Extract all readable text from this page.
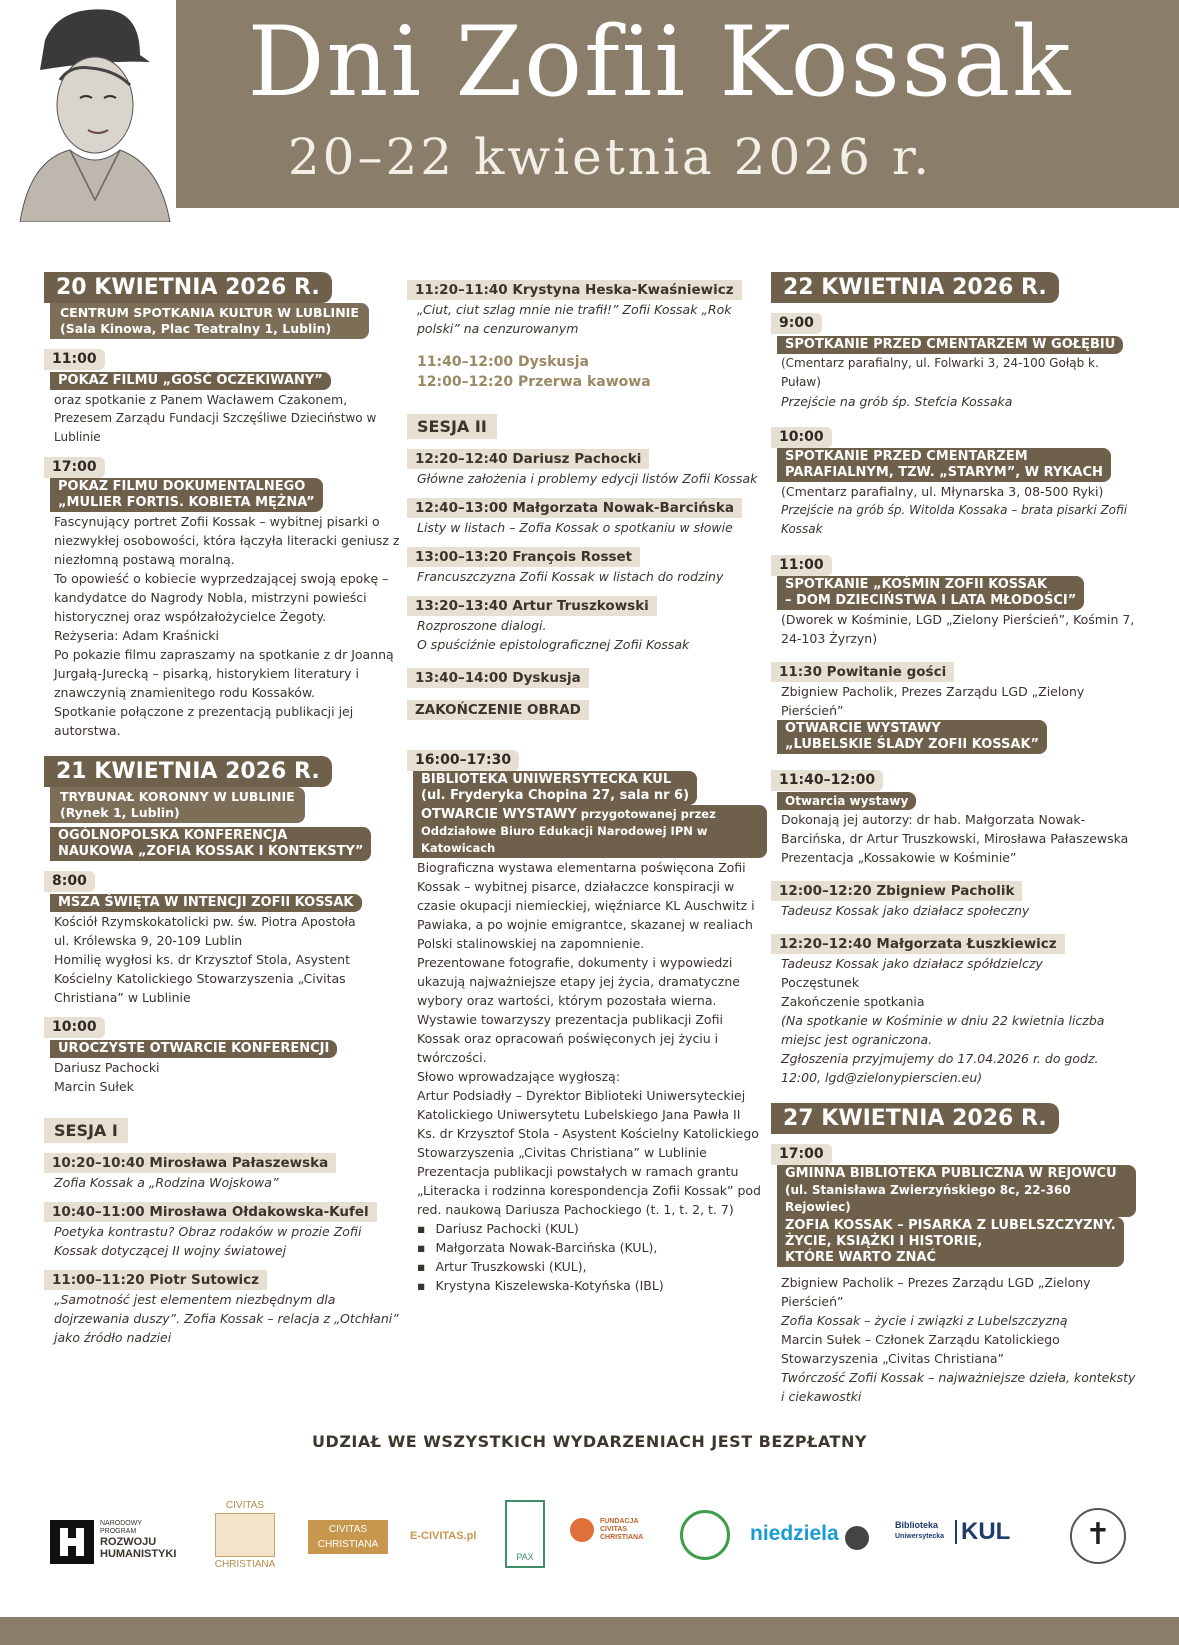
Dni Zofii Kossak
20–22 kwietnia 2026 r.
20 KWIETNIA 2026 R.
CENTRUM SPOTKANIA KULTUR W LUBLINIE
(Sala Kinowa, Plac Teatralny 1, Lublin)
11:00
POKAZ FILMU „GOŚĆ OCZEKIWANY”
oraz spotkanie z Panem Wacławem Czakonem,
Prezesem Zarządu Fundacji Szczęśliwe Dzieciństwo w Lublinie
17:00
POKAZ FILMU DOKUMENTALNEGO
„MULIER FORTIS. KOBIETA MĘŻNA”
Fascynujący portret Zofii Kossak – wybitnej pisarki o niezwykłej osobowości, która łączyła literacki geniusz z niezłomną postawą moralną.
To opowieść o kobiecie wyprzedzającej swoją epokę – kandydatce do Nagrody Nobla, mistrzyni powieści historycznej oraz współzałożycielce Żegoty.
Reżyseria: Adam Kraśnicki
Po pokazie filmu zapraszamy na spotkanie z dr Joanną Jurgałą-Jurecką – pisarką, historykiem literatury i znawczynią znamienitego rodu Kossaków.
Spotkanie połączone z prezentacją publikacji jej autorstwa.
21 KWIETNIA 2026 R.
TRYBUNAŁ KORONNY W LUBLINIE
(Rynek 1, Lublin)
OGÓLNOPOLSKA KONFERENCJA
NAUKOWA „ZOFIA KOSSAK I KONTEKSTY”
8:00
MSZA ŚWIĘTA W INTENCJI ZOFII KOSSAK
Kościół Rzymskokatolicki pw. św. Piotra Apostoła
ul. Królewska 9, 20-109 Lublin
Homilię wygłosi ks. dr Krzysztof Stola, Asystent Kościelny Katolickiego Stowarzyszenia „Civitas Christiana” w Lublinie
10:00
UROCZYSTE OTWARCIE KONFERENCJI
Dariusz Pachocki
Marcin Sułek
SESJA I
10:20–10:40 Mirosława Pałaszewska
Zofia Kossak a „Rodzina Wojskowa”
10:40–11:00 Mirosława Ołdakowska-Kufel
Poetyka kontrastu? Obraz rodaków w prozie Zofii Kossak dotyczącej II wojny światowej
11:00–11:20 Piotr Sutowicz
„Samotność jest elementem niezbędnym dla dojrzewania duszy”. Zofia Kossak – relacja z „Otchłani” jako źródło nadziei
11:20–11:40 Krystyna Heska-Kwaśniewicz
„Ciut, ciut szlag mnie nie trafił!” Zofii Kossak „Rok polski” na cenzurowanym
11:40–12:00 Dyskusja
12:00–12:20 Przerwa kawowa
SESJA II
12:20–12:40 Dariusz Pachocki
Główne założenia i problemy edycji listów Zofii Kossak
12:40–13:00 Małgorzata Nowak-Barcińska
Listy w listach – Zofia Kossak o spotkaniu w słowie
13:00–13:20 François Rosset
Francuszczyzna Zofii Kossak w listach do rodziny
13:20–13:40 Artur Truszkowski
Rozproszone dialogi.
O spuściźnie epistolograficznej Zofii Kossak
13:40–14:00 Dyskusja
ZAKOŃCZENIE OBRAD
16:00–17:30
BIBLIOTEKA UNIWERSYTECKA KUL
(ul. Fryderyka Chopina 27, sala nr 6)
OTWARCIE WYSTAWY przygotowanej przez
Oddziałowe Biuro Edukacji Narodowej IPN w Katowicach
Biograficzna wystawa elementarna poświęcona Zofii Kossak – wybitnej pisarce, działaczce konspiracji w czasie okupacji niemieckiej, więźniarce KL Auschwitz i Pawiaka, a po wojnie emigrantce, skazanej w realiach Polski stalinowskiej na zapomnienie.
Prezentowane fotografie, dokumenty i wypowiedzi ukazują najważniejsze etapy jej życia, dramatyczne wybory oraz wartości, którym pozostała wierna.
Wystawie towarzyszy prezentacja publikacji Zofii Kossak oraz opracowań poświęconych jej życiu i twórczości.
Słowo wprowadzające wygłoszą:
Artur Podsiadły – Dyrektor Biblioteki Uniwersyteckiej Katolickiego Uniwersytetu Lubelskiego Jana Pawła II
Ks. dr Krzysztof Stola - Asystent Kościelny Katolickiego Stowarzyszenia „Civitas Christiana” w Lublinie
Prezentacja publikacji powstałych w ramach grantu „Literacka i rodzinna korespondencja Zofii Kossak” pod red. naukową Dariusza Pachockiego (t. 1, t. 2, t. 7)
▪ Dariusz Pachocki (KUL)
▪ Małgorzata Nowak-Barcińska (KUL),
▪ Artur Truszkowski (KUL),
▪ Krystyna Kiszelewska-Kotyńska (IBL)
22 KWIETNIA 2026 R.
9:00
SPOTKANIE PRZED CMENTARZEM W GOŁĘBIU
(Cmentarz parafialny, ul. Folwarki 3, 24-100 Gołąb k. Puław)
Przejście na grób śp. Stefcia Kossaka
10:00
SPOTKANIE PRZED CMENTARZEM
PARAFIALNYM, TZW. „STARYM”, W RYKACH
(Cmentarz parafialny, ul. Młynarska 3, 08-500 Ryki)
Przejście na grób śp. Witolda Kossaka – brata pisarki Zofii Kossak
11:00
SPOTKANIE „KOŚMIN ZOFII KOSSAK
– DOM DZIECIŃSTWA I LATA MŁODOŚCI”
(Dworek w Kośminie, LGD „Zielony Pierścień”, Kośmin 7, 24-103 Żyrzyn)
11:30 Powitanie gości
Zbigniew Pacholik, Prezes Zarządu LGD „Zielony Pierścień”
OTWARCIE WYSTAWY
„LUBELSKIE ŚLADY ZOFII KOSSAK”
11:40–12:00
Otwarcia wystawy
Dokonają jej autorzy: dr hab. Małgorzata Nowak-Barcińska, dr Artur Truszkowski, Mirosława Pałaszewska
Prezentacja „Kossakowie w Kośminie”
12:00–12:20 Zbigniew Pacholik
Tadeusz Kossak jako działacz społeczny
12:20–12:40 Małgorzata Łuszkiewicz
Tadeusz Kossak jako działacz spółdzielczy
Poczęstunek
Zakończenie spotkania
(Na spotkanie w Kośminie w dniu 22 kwietnia liczba miejsc jest ograniczona.
Zgłoszenia przyjmujemy do 17.04.2026 r. do godz. 12:00, lgd@zielonypierscien.eu)
27 KWIETNIA 2026 R.
17:00
GMINNA BIBLIOTEKA PUBLICZNA W REJOWCU
(ul. Stanisława Zwierzyńskiego 8c, 22-360 Rejowiec)
ZOFIA KOSSAK – PISARKA Z LUBELSZCZYZNY.
ŻYCIE, KSIĄŻKI I HISTORIE,
KTÓRE WARTO ZNAĆ
Zbigniew Pacholik – Prezes Zarządu LGD „Zielony Pierścień”
Zofia Kossak – życie i związki z Lubelszczyzną
Marcin Sułek – Członek Zarządu Katolickiego Stowarzyszenia „Civitas Christiana”
Twórczość Zofii Kossak – najważniejsze dzieła, konteksty i ciekawostki
UDZIAŁ WE WSZYSTKICH WYDARZENIACH JEST BEZPŁATNY
NARODOWY
PROGRAM
ROZWOJU
HUMANISTYKI
CIVITAS
CHRISTIANA
CIVITAS
CHRISTIANA
E-CIVITAS.pl
PAX
FUNDACJA
CIVITAS
CHRISTIANA	niedziela	Biblioteka
Uniwersytecka KUL	✝
